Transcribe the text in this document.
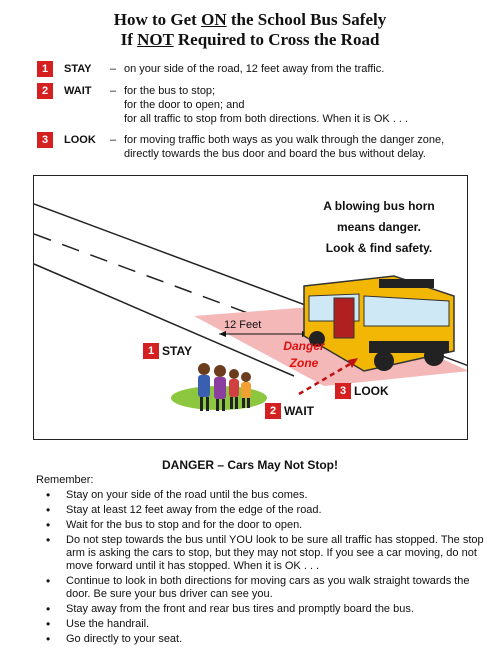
How to Get ON the School Bus Safely
If NOT Required to Cross the Road
1 STAY – on your side of the road, 12 feet away from the traffic.
2 WAIT – for the bus to stop;
for the door to open; and
for all traffic to stop from both directions. When it is OK . . .
3 LOOK – for moving traffic both ways as you walk through the danger zone,
directly towards the bus door and board the bus without delay.
A blowing bus horn
means danger.
Look & find safety.
12 Feet
Danger
Zone
1 STAY
2 WAIT
3 LOOK
DANGER – Cars May Not Stop!
Remember:
• Stay on your side of the road until the bus comes.
• Stay at least 12 feet away from the edge of the road.
• Wait for the bus to stop and for the door to open.
• Do not step towards the bus until YOU look to be sure all traffic has stopped. The stop arm is asking the cars to stop, but they may not stop. If you see a car moving, do not move forward until it has stopped. When it is OK . . .
• Continue to look in both directions for moving cars as you walk straight towards the door. Be sure your bus driver can see you.
• Stay away from the front and rear bus tires and promptly board the bus.
• Use the handrail.
• Go directly to your seat.
